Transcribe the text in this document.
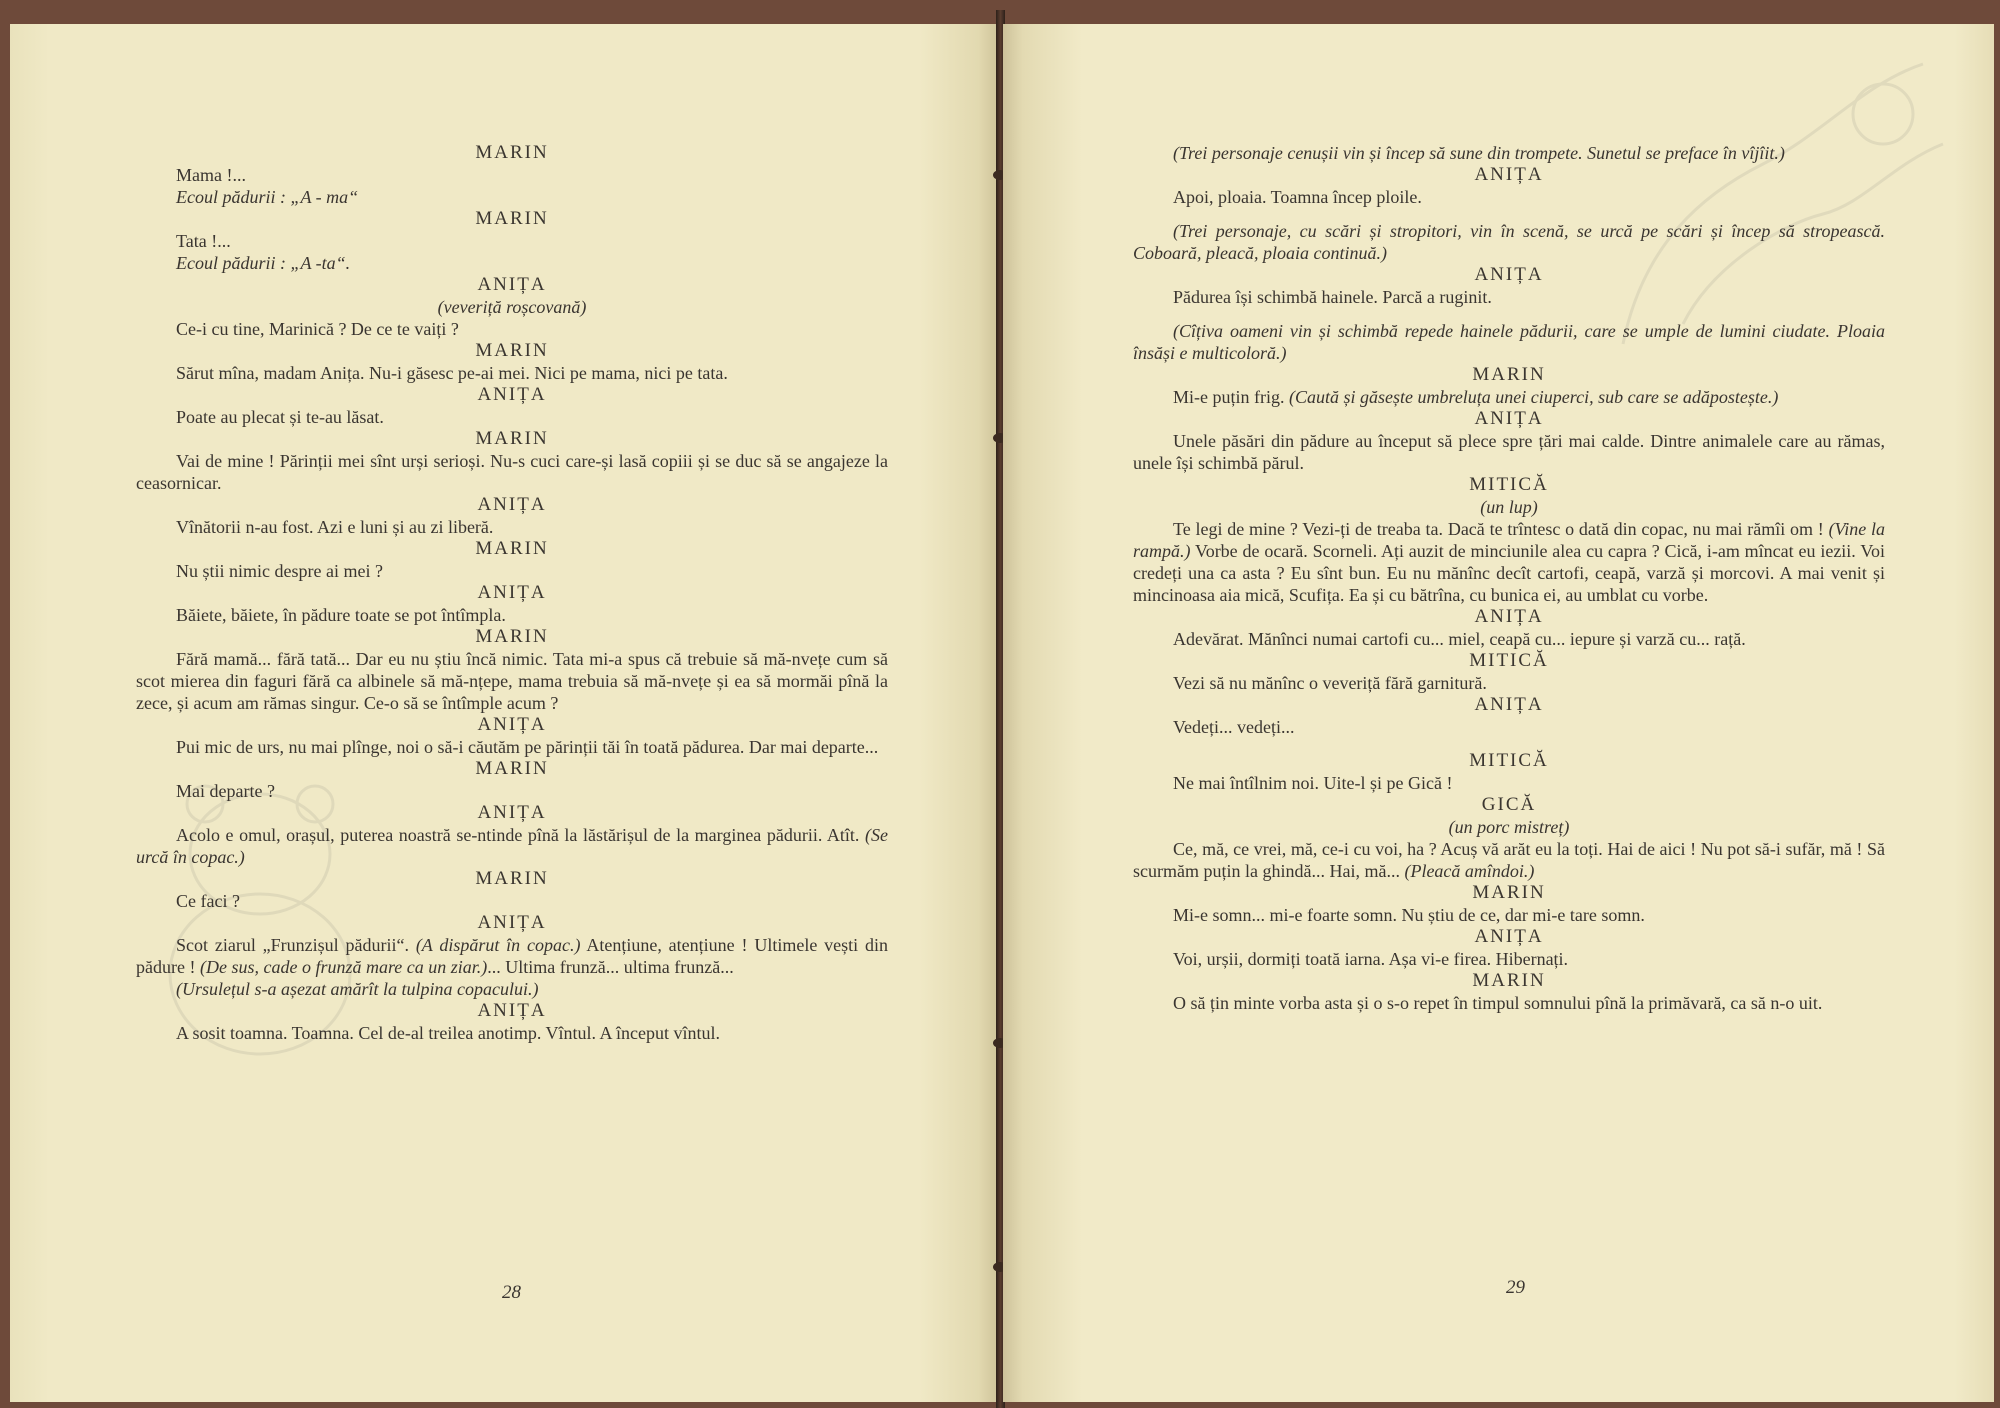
MARIN

Mama !...

Ecoul pădurii : „A - ma“

MARIN

Tata !...

Ecoul pădurii : „A -ta“.

ANIȚA

(veveriță roșcovană)

Ce-i cu tine, Marinică ? De ce te vaiți ?

MARIN

Sărut mîna, madam Anița. Nu-i găsesc pe-ai mei. Nici pe mama, nici pe tata.

ANIȚA

Poate au plecat și te-au lăsat.

MARIN

Vai de mine ! Părinții mei sînt urși serioși. Nu-s cuci care-și lasă copiii și se duc să se angajeze la ceasornicar.

ANIȚA

Vînătorii n-au fost. Azi e luni și au zi liberă.

MARIN

Nu știi nimic despre ai mei ?

ANIȚA

Băiete, băiete, în pădure toate se pot întîmpla.

MARIN

Fără mamă... fără tată... Dar eu nu știu încă nimic. Tata mi-a spus că trebuie să mă-nvețe cum să scot mierea din faguri fără ca albinele să mă-nțepe, mama trebuia să mă-nvețe și ea să mormăi pînă la zece, și acum am rămas singur. Ce-o să se întîmple acum ?

ANIȚA

Pui mic de urs, nu mai plînge, noi o să-i căutăm pe părinții tăi în toată pădurea. Dar mai departe...

MARIN

Mai departe ?

ANIȚA

Acolo e omul, orașul, puterea noastră se-ntinde pînă la lăstărișul de la marginea pădurii. Atît. (Se urcă în copac.)

MARIN

Ce faci ?

ANIȚA

Scot ziarul „Frunzișul pădurii“. (A dispărut în copac.) Atențiune, atențiune ! Ultimele vești din pădure ! (De sus, cade o frunză mare ca un ziar.)... Ultima frunză... ultima frunză...

(Ursulețul s-a așezat amărît la tulpina copacului.)

ANIȚA

A sosit toamna. Toamna. Cel de-al treilea anotimp. Vîntul. A început vîntul.

28

(Trei personaje cenușii vin și încep să sune din trompete. Sunetul se preface în vîjîit.)

ANIȚA

Apoi, ploaia. Toamna încep ploile.

(Trei personaje, cu scări și stropitori, vin în scenă, se urcă pe scări și încep să stropească. Coboară, pleacă, ploaia continuă.)

ANIȚA

Pădurea își schimbă hainele. Parcă a ruginit.

(Cîțiva oameni vin și schimbă repede hainele pădurii, care se umple de lumini ciudate. Ploaia însăși e multicoloră.)

MARIN

Mi-e puțin frig. (Caută și găsește umbreluța unei ciuperci, sub care se adăpostește.)

ANIȚA

Unele păsări din pădure au început să plece spre țări mai calde. Dintre animalele care au rămas, unele își schimbă părul.

MITICĂ

(un lup)

Te legi de mine ? Vezi-ți de treaba ta. Dacă te trîntesc o dată din copac, nu mai rămîi om ! (Vine la rampă.) Vorbe de ocară. Scorneli. Ați auzit de minciunile alea cu capra ? Cică, i-am mîncat eu iezii. Voi credeți una ca asta ? Eu sînt bun. Eu nu mănînc decît cartofi, ceapă, varză și morcovi. A mai venit și mincinoasa aia mică, Scufița. Ea și cu bătrîna, cu bunica ei, au umblat cu vorbe.

ANIȚA

Adevărat. Mănînci numai cartofi cu... miel, ceapă cu... iepure și varză cu... rață.

MITICĂ

Vezi să nu mănînc o veveriță fără garnitură.

ANIȚA

Vedeți... vedeți...

MITICĂ

Ne mai întîlnim noi. Uite-l și pe Gică !

GICĂ

(un porc mistreț)

Ce, mă, ce vrei, mă, ce-i cu voi, ha ? Acuș vă arăt eu la toți. Hai de aici ! Nu pot să-i sufăr, mă ! Să scurmăm puțin la ghindă... Hai, mă... (Pleacă amîndoi.)

MARIN

Mi-e somn... mi-e foarte somn. Nu știu de ce, dar mi-e tare somn.

ANIȚA

Voi, urșii, dormiți toată iarna. Așa vi-e firea. Hibernați.

MARIN

O să țin minte vorba asta și o s-o repet în timpul somnului pînă la primăvară, ca să n-o uit.

29
